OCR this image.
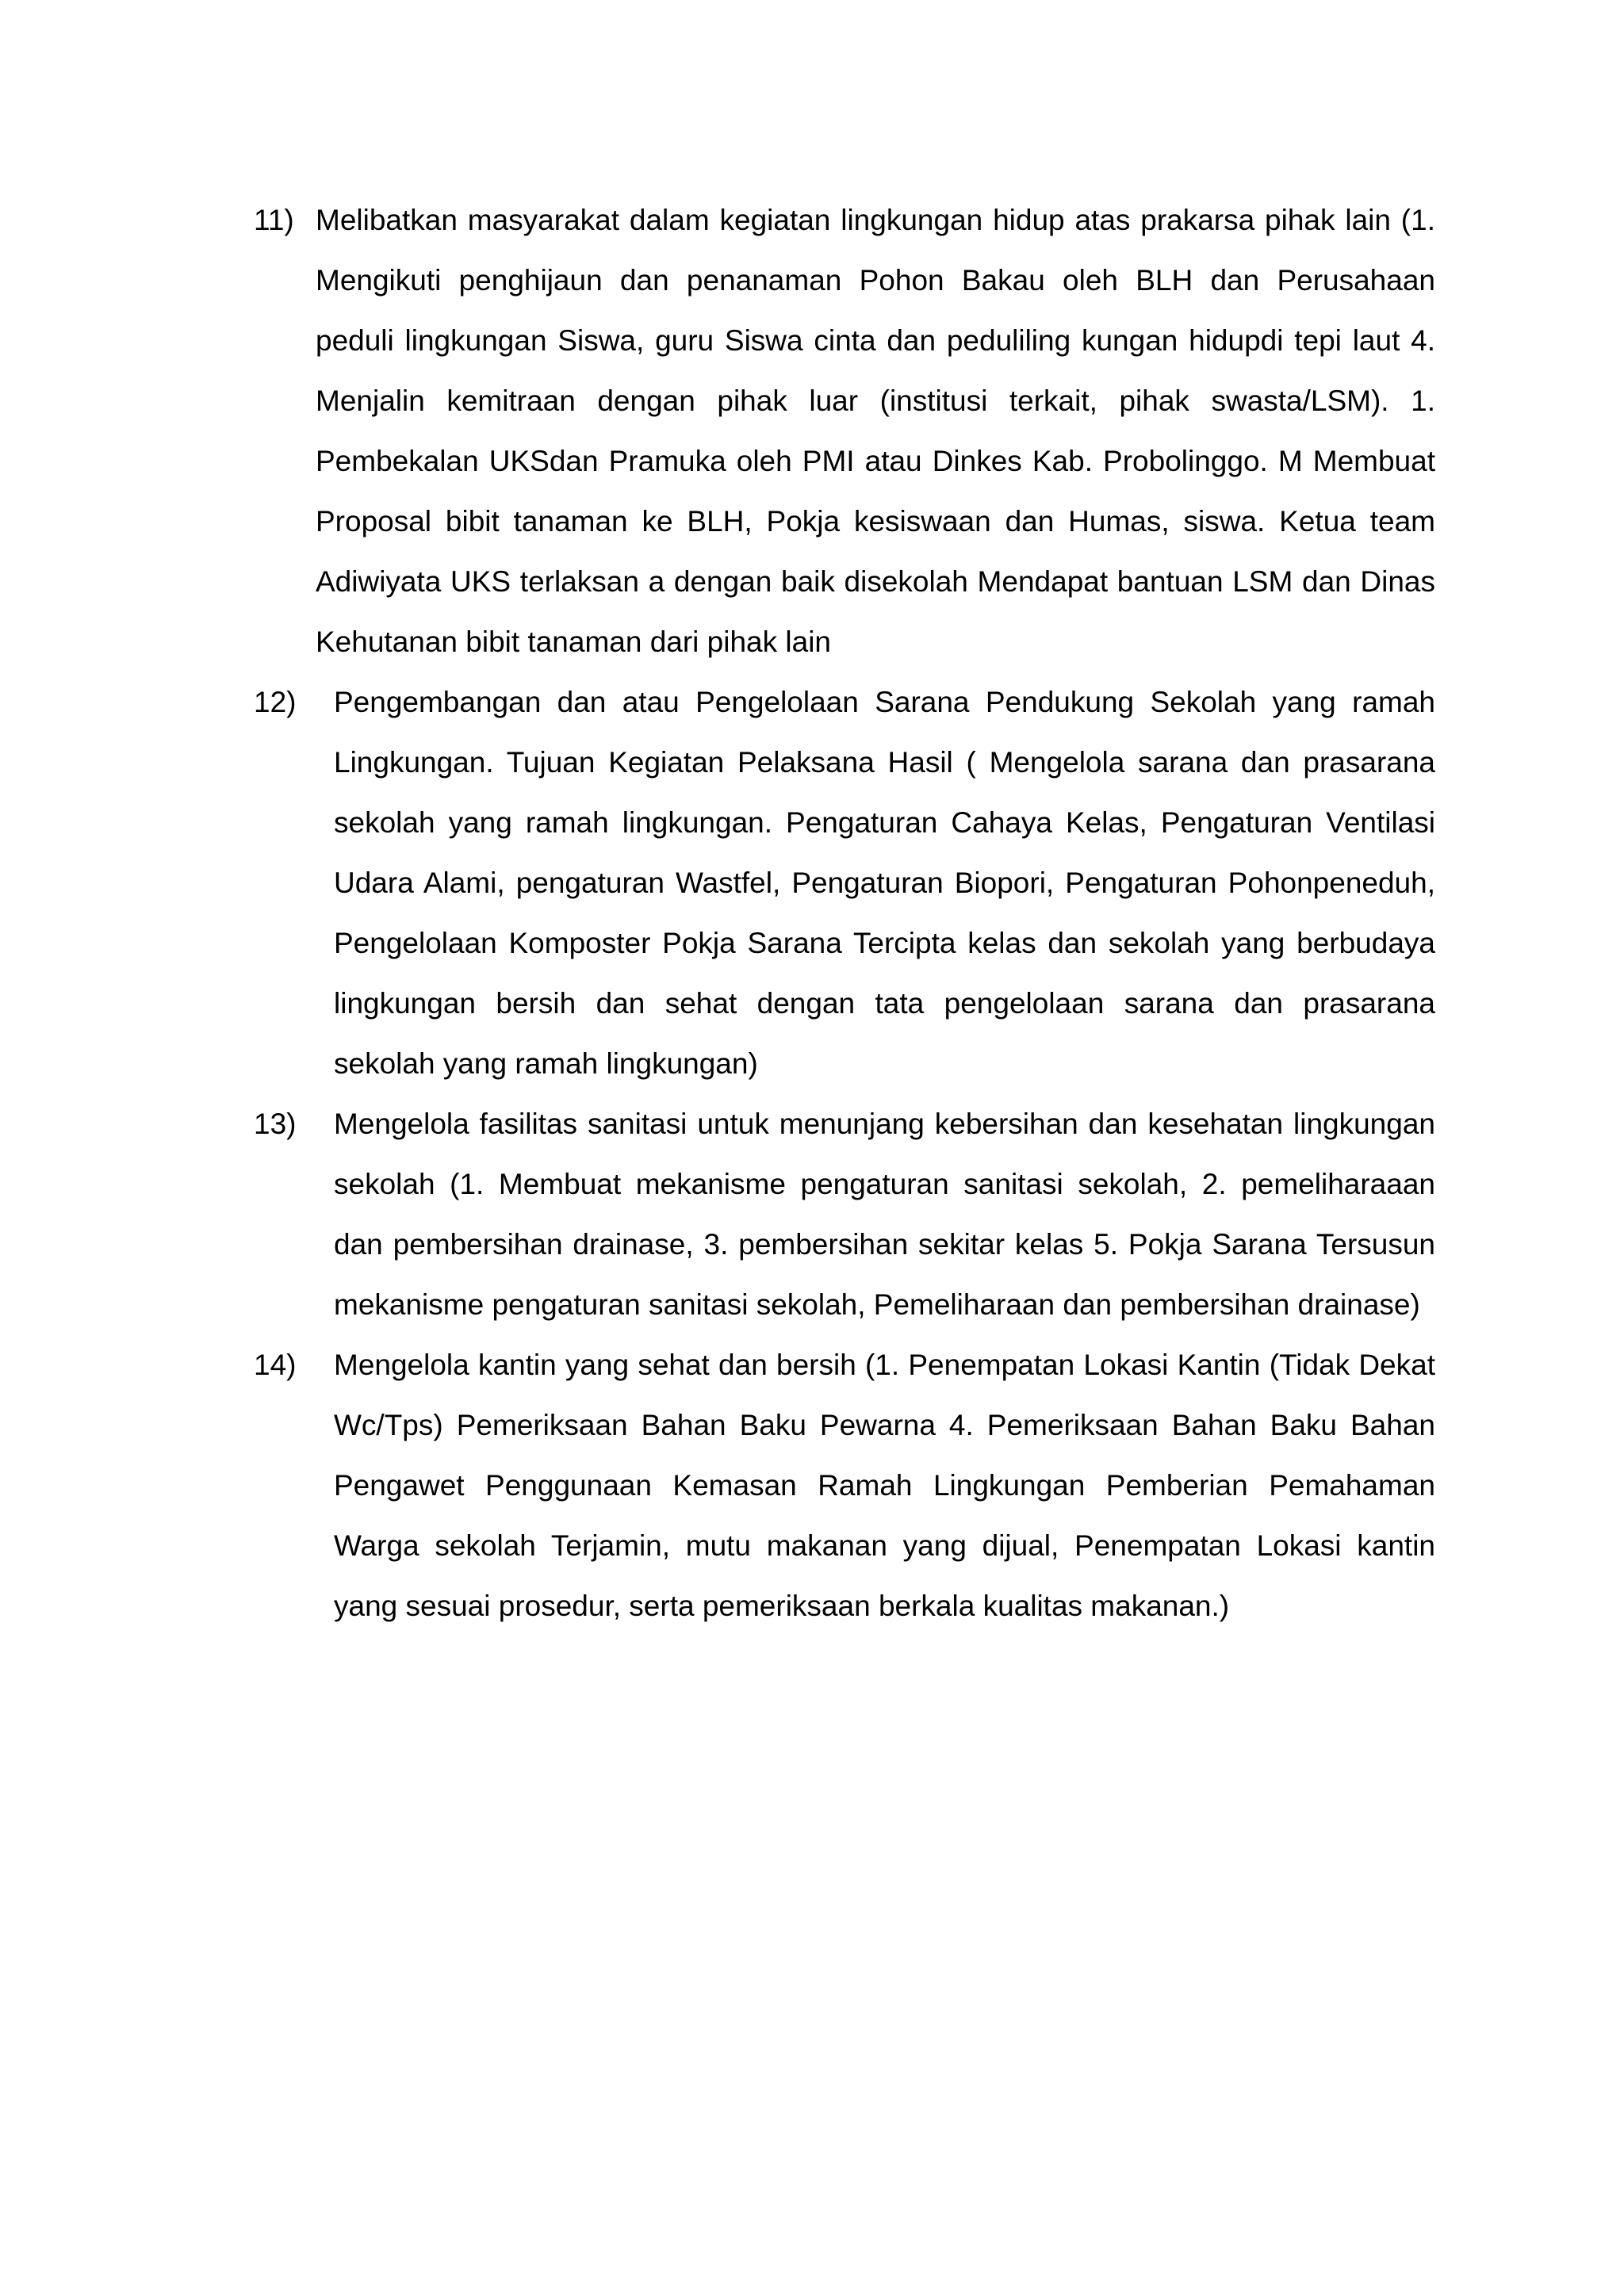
11) Melibatkan masyarakat dalam kegiatan lingkungan hidup atas prakarsa pihak lain (1. Mengikuti penghijaun dan penanaman Pohon Bakau oleh BLH dan Perusahaan peduli lingkungan Siswa, guru Siswa cinta dan peduliling kungan hidupdi tepi laut 4. Menjalin kemitraan dengan pihak luar (institusi terkait, pihak swasta/LSM). 1. Pembekalan UKSdan Pramuka oleh PMI atau Dinkes Kab. Probolinggo. M Membuat Proposal bibit tanaman ke BLH, Pokja kesiswaan dan Humas, siswa. Ketua team Adiwiyata UKS terlaksan a dengan baik disekolah Mendapat bantuan LSM dan Dinas Kehutanan bibit tanaman dari pihak lain
12)	Pengembangan dan atau Pengelolaan Sarana Pendukung Sekolah yang ramah Lingkungan. Tujuan Kegiatan Pelaksana Hasil ( Mengelola sarana dan prasarana sekolah yang ramah lingkungan. Pengaturan Cahaya Kelas, Pengaturan Ventilasi Udara Alami, pengaturan Wastfel, Pengaturan Biopori, Pengaturan Pohonpeneduh, Pengelolaan Komposter Pokja Sarana Tercipta kelas dan sekolah yang berbudaya lingkungan bersih dan sehat dengan tata pengelolaan sarana dan prasarana sekolah yang ramah lingkungan)
13)	Mengelola fasilitas sanitasi untuk menunjang kebersihan dan kesehatan lingkungan sekolah (1. Membuat mekanisme pengaturan sanitasi sekolah, 2. pemeliharaaan dan pembersihan drainase, 3. pembersihan sekitar kelas 5. Pokja Sarana Tersusun mekanisme pengaturan sanitasi sekolah, Pemeliharaan dan pembersihan drainase)
14)	Mengelola kantin yang sehat dan bersih (1. Penempatan Lokasi Kantin (Tidak Dekat Wc/Tps) Pemeriksaan Bahan Baku Pewarna 4. Pemeriksaan Bahan Baku Bahan Pengawet Penggunaan Kemasan Ramah Lingkungan Pemberian Pemahaman Warga sekolah Terjamin, mutu makanan yang dijual, Penempatan Lokasi kantin yang sesuai prosedur, serta pemeriksaan berkala kualitas makanan.)
